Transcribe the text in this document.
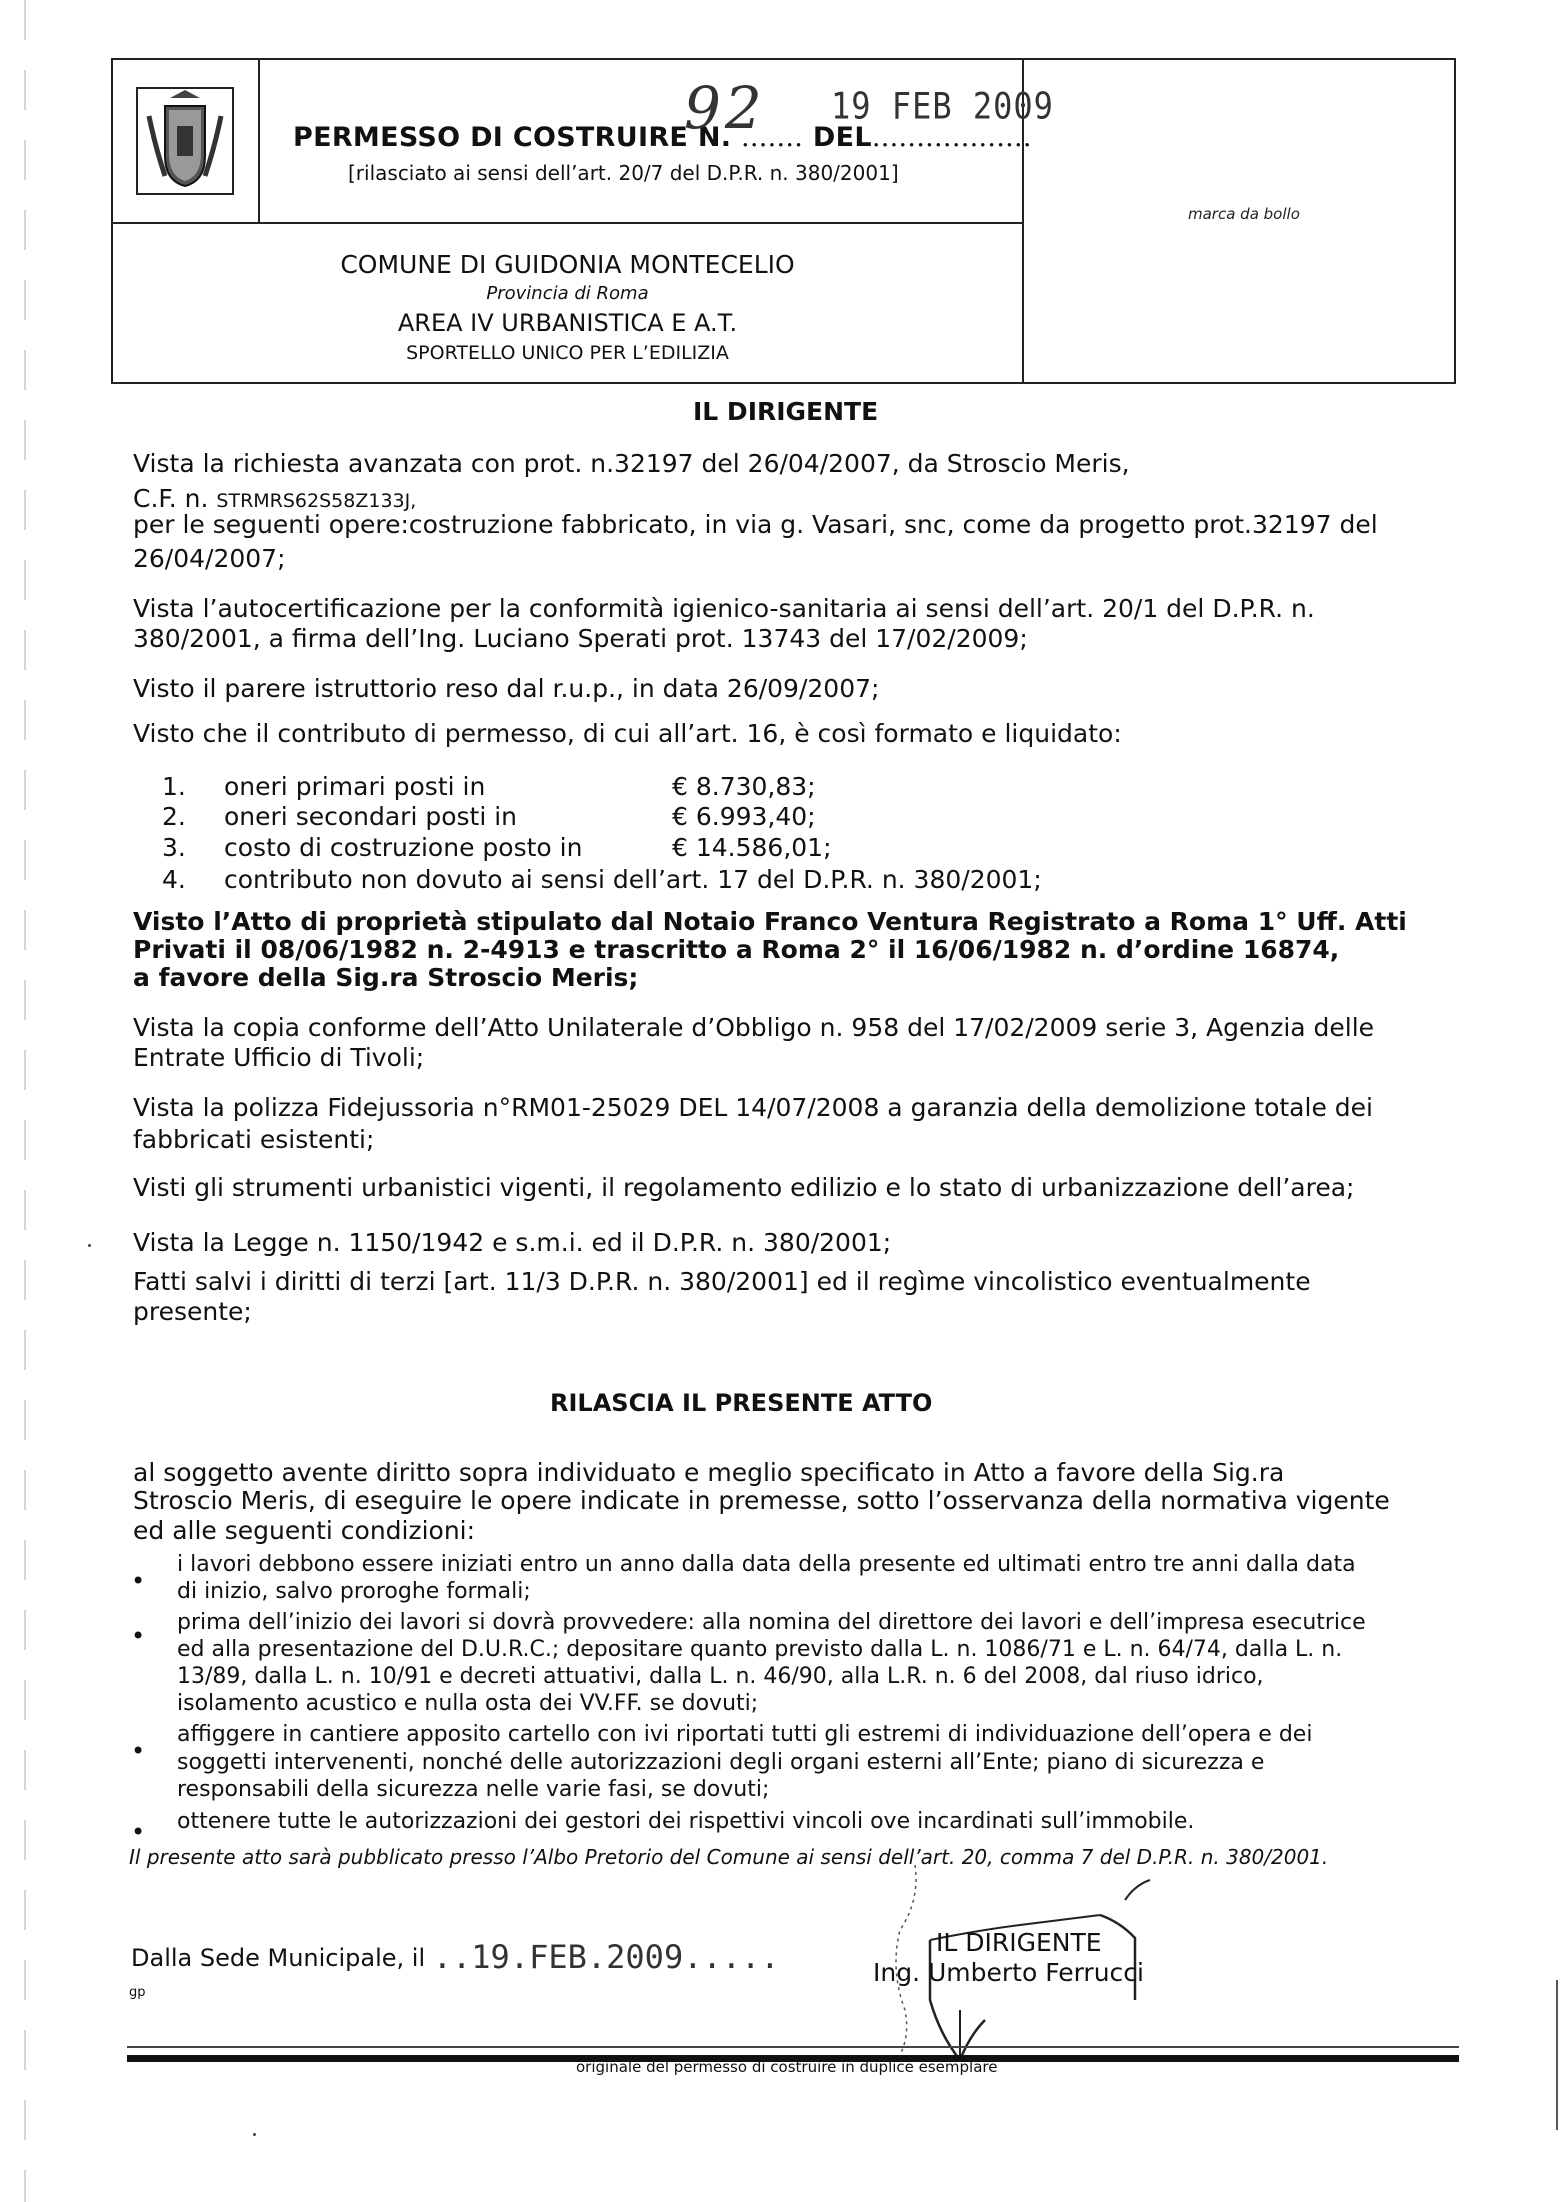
PERMESSO DI COSTRUIRE N. ....... DEL..................
92 19 FEB 2009
[rilasciato ai sensi dell’art. 20/7 del D.P.R. n. 380/2001]
COMUNE DI GUIDONIA MONTECELIO
Provincia di Roma
AREA IV URBANISTICA E A.T.
SPORTELLO UNICO PER L’EDILIZIA
marca da bollo
IL DIRIGENTE
Vista la richiesta avanzata con prot. n.32197 del 26/04/2007, da Stroscio Meris,
C.F. n. STRMRS62S58Z133J,
per le seguenti opere:costruzione fabbricato, in via g. Vasari, snc, come da progetto prot.32197 del
26/04/2007;
Vista l’autocertificazione per la conformità igienico-sanitaria ai sensi dell’art. 20/1 del D.P.R. n.
380/2001, a firma dell’Ing. Luciano Sperati prot. 13743 del 17/02/2009;
Visto il parere istruttorio reso dal r.u.p., in data 26/09/2007;
Visto che il contributo di permesso, di cui all’art. 16, è così formato e liquidato:
1. oneri primari posti in	€ 8.730,83;
2. oneri secondari posti in	€ 6.993,40;
3. costo di costruzione posto in	€ 14.586,01;
4. contributo non dovuto ai sensi dell’art. 17 del D.P.R. n. 380/2001;
Visto l’Atto di proprietà stipulato dal Notaio Franco Ventura Registrato a Roma 1° Uff. Atti
Privati il 08/06/1982 n. 2-4913 e trascritto a Roma 2° il 16/06/1982 n. d’ordine 16874,
a favore della Sig.ra Stroscio Meris;
Vista la copia conforme dell’Atto Unilaterale d’Obbligo n. 958 del 17/02/2009 serie 3, Agenzia delle
Entrate Ufficio di Tivoli;
Vista la polizza Fidejussoria n°RM01-25029 DEL 14/07/2008 a garanzia della demolizione totale dei
fabbricati esistenti;
Visti gli strumenti urbanistici vigenti, il regolamento edilizio e lo stato di urbanizzazione dell’area;
Vista la Legge n. 1150/1942 e s.m.i. ed il D.P.R. n. 380/2001;
Fatti salvi i diritti di terzi [art. 11/3 D.P.R. n. 380/2001] ed il regìme vincolistico eventualmente
presente;
RILASCIA IL PRESENTE ATTO
al soggetto avente diritto sopra individuato e meglio specificato in Atto a favore della Sig.ra
Stroscio Meris, di eseguire le opere indicate in premesse, sotto l’osservanza della normativa vigente
ed alle seguenti condizioni:
•
i lavori debbono essere iniziati entro un anno dalla data della presente ed ultimati entro tre anni dalla data
di inizio, salvo proroghe formali;
• prima dell’inizio dei lavori si dovrà provvedere: alla nomina del direttore dei lavori e dell’impresa esecutrice
ed alla presentazione del D.U.R.C.; depositare quanto previsto dalla L. n. 1086/71 e L. n. 64/74, dalla L. n.
13/89, dalla L. n. 10/91 e decreti attuativi, dalla L. n. 46/90, alla L.R. n. 6 del 2008, dal riuso idrico,
isolamento acustico e nulla osta dei VV.FF. se dovuti;
•
affiggere in cantiere apposito cartello con ivi riportati tutti gli estremi di individuazione dell’opera e dei
soggetti intervenenti, nonché delle autorizzazioni degli organi esterni all’Ente; piano di sicurezza e
responsabili della sicurezza nelle varie fasi, se dovuti;
• ottenere tutte le autorizzazioni dei gestori dei rispettivi vincoli ove incardinati sull’immobile.
Il presente atto sarà pubblicato presso l’Albo Pretorio del Comune ai sensi dell’art. 20, comma 7 del D.P.R. n. 380/2001.
Dalla Sede Municipale, il ..19.FEB.2009.....
gp
IL DIRIGENTE
Ing. Umberto Ferrucci
originale del permesso di costruire in duplice esemplare
